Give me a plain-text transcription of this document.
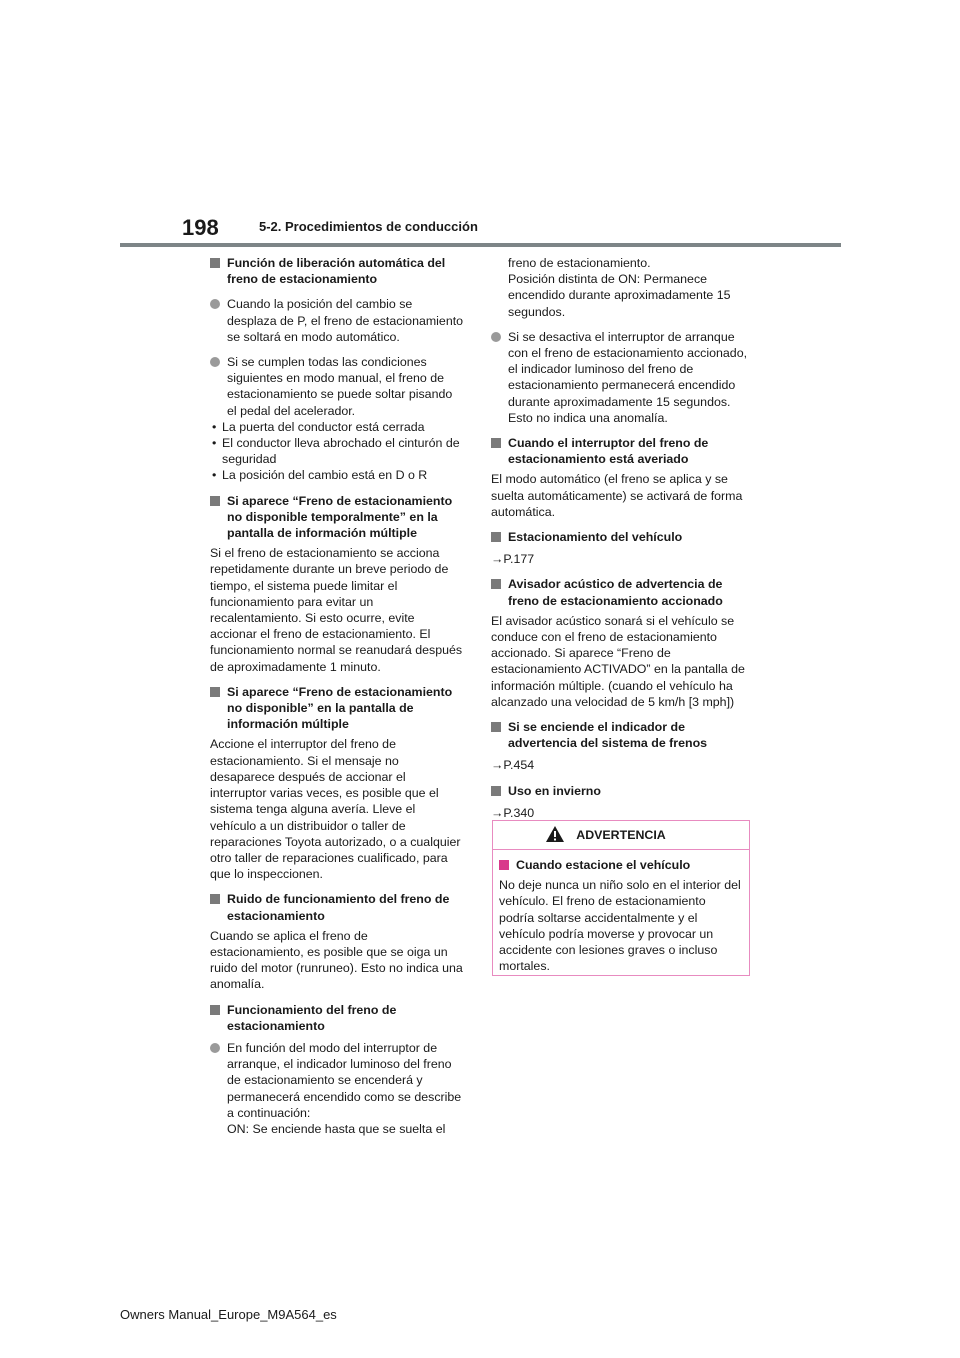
198	5-2. Procedimientos de conducción
Función de liberación automática del freno de estacionamiento
Cuando la posición del cambio se desplaza de P, el freno de estacionamiento se soltará en modo automático.
Si se cumplen todas las condiciones siguientes en modo manual, el freno de estacionamiento se puede soltar pisando el pedal del acelerador.
• La puerta del conductor está cerrada
• El conductor lleva abrochado el cinturón de seguridad
• La posición del cambio está en D o R
Si aparece “Freno de estacionamiento no disponible temporalmente” en la pantalla de información múltiple
Si el freno de estacionamiento se acciona repetidamente durante un breve periodo de tiempo, el sistema puede limitar el funcionamiento para evitar un recalentamiento. Si esto ocurre, evite accionar el freno de estacionamiento. El funcionamiento normal se reanudará después de aproximadamente 1 minuto.
Si aparece “Freno de estacionamiento no disponible” en la pantalla de información múltiple
Accione el interruptor del freno de estacionamiento. Si el mensaje no desaparece después de accionar el interruptor varias veces, es posible que el sistema tenga alguna avería. Lleve el vehículo a un distribuidor o taller de reparaciones Toyota autorizado, o a cualquier otro taller de reparaciones cualificado, para que lo inspeccionen.
Ruido de funcionamiento del freno de estacionamiento
Cuando se aplica el freno de estacionamiento, es posible que se oiga un ruido del motor (runruneo). Esto no indica una anomalía.
Funcionamiento del freno de estacionamiento
En función del modo del interruptor de arranque, el indicador luminoso del freno de estacionamiento se encenderá y permanecerá encendido como se describe a continuación:
ON: Se enciende hasta que se suelta el
freno de estacionamiento.
Posición distinta de ON: Permanece encendido durante aproximadamente 15 segundos.
Si se desactiva el interruptor de arranque con el freno de estacionamiento accionado, el indicador luminoso del freno de estacionamiento permanecerá encendido durante aproximadamente 15 segundos. Esto no indica una anomalía.
Cuando el interruptor del freno de estacionamiento está averiado
El modo automático (el freno se aplica y se suelta automáticamente) se activará de forma automática.
Estacionamiento del vehículo
→P.177
Avisador acústico de advertencia de freno de estacionamiento accionado
El avisador acústico sonará si el vehículo se conduce con el freno de estacionamiento accionado. Si aparece “Freno de estacionamiento ACTIVADO” en la pantalla de información múltiple. (cuando el vehículo ha alcanzado una velocidad de 5 km/h [3 mph])
Si se enciende el indicador de advertencia del sistema de frenos
→P.454
Uso en invierno
→P.340
ADVERTENCIA
Cuando estacione el vehículo
No deje nunca un niño solo en el interior del vehículo. El freno de estacionamiento podría soltarse accidentalmente y el vehículo podría moverse y provocar un accidente con lesiones graves o incluso mortales.
Owners Manual_Europe_M9A564_es
